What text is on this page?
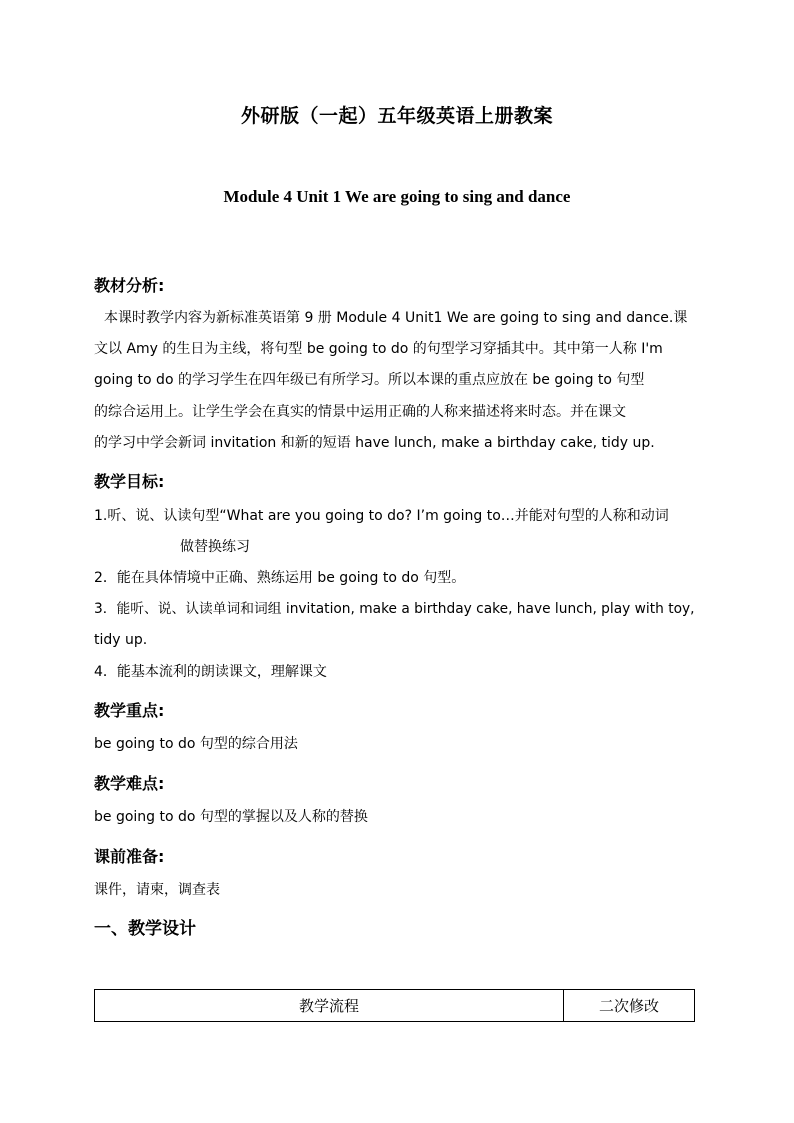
外研版（一起）五年级英语上册教案
Module 4 Unit 1 We are going to sing and dance
教材分析:
本课时教学内容为新标准英语第 9 册 Module 4 Unit1 We are going to sing and dance.课
文以 Amy 的生日为主线，将句型 be going to do 的句型学习穿插其中。其中第一人称 I'm
going to do 的学习学生在四年级已有所学习。所以本课的重点应放在 be going to 句型
的综合运用上。让学生学会在真实的情景中运用正确的人称来描述将来时态。并在课文
的学习中学会新词 invitation 和新的短语 have lunch, make a birthday cake, tidy up.
教学目标:
1.听、说、认读句型“What are you going to do? I’m going to…并能对句型的人称和动词
做替换练习
2．能在具体情境中正确、熟练运用 be going to do 句型。
3．能听、说、认读单词和词组 invitation, make a birthday cake, have lunch, play with toy,
tidy up.
4．能基本流利的朗读课文，理解课文
教学重点:
be going to do 句型的综合用法
教学难点:
be going to do 句型的掌握以及人称的替换
课前准备:
课件，请柬，调查表
一、教学设计
教学流程	二次修改
